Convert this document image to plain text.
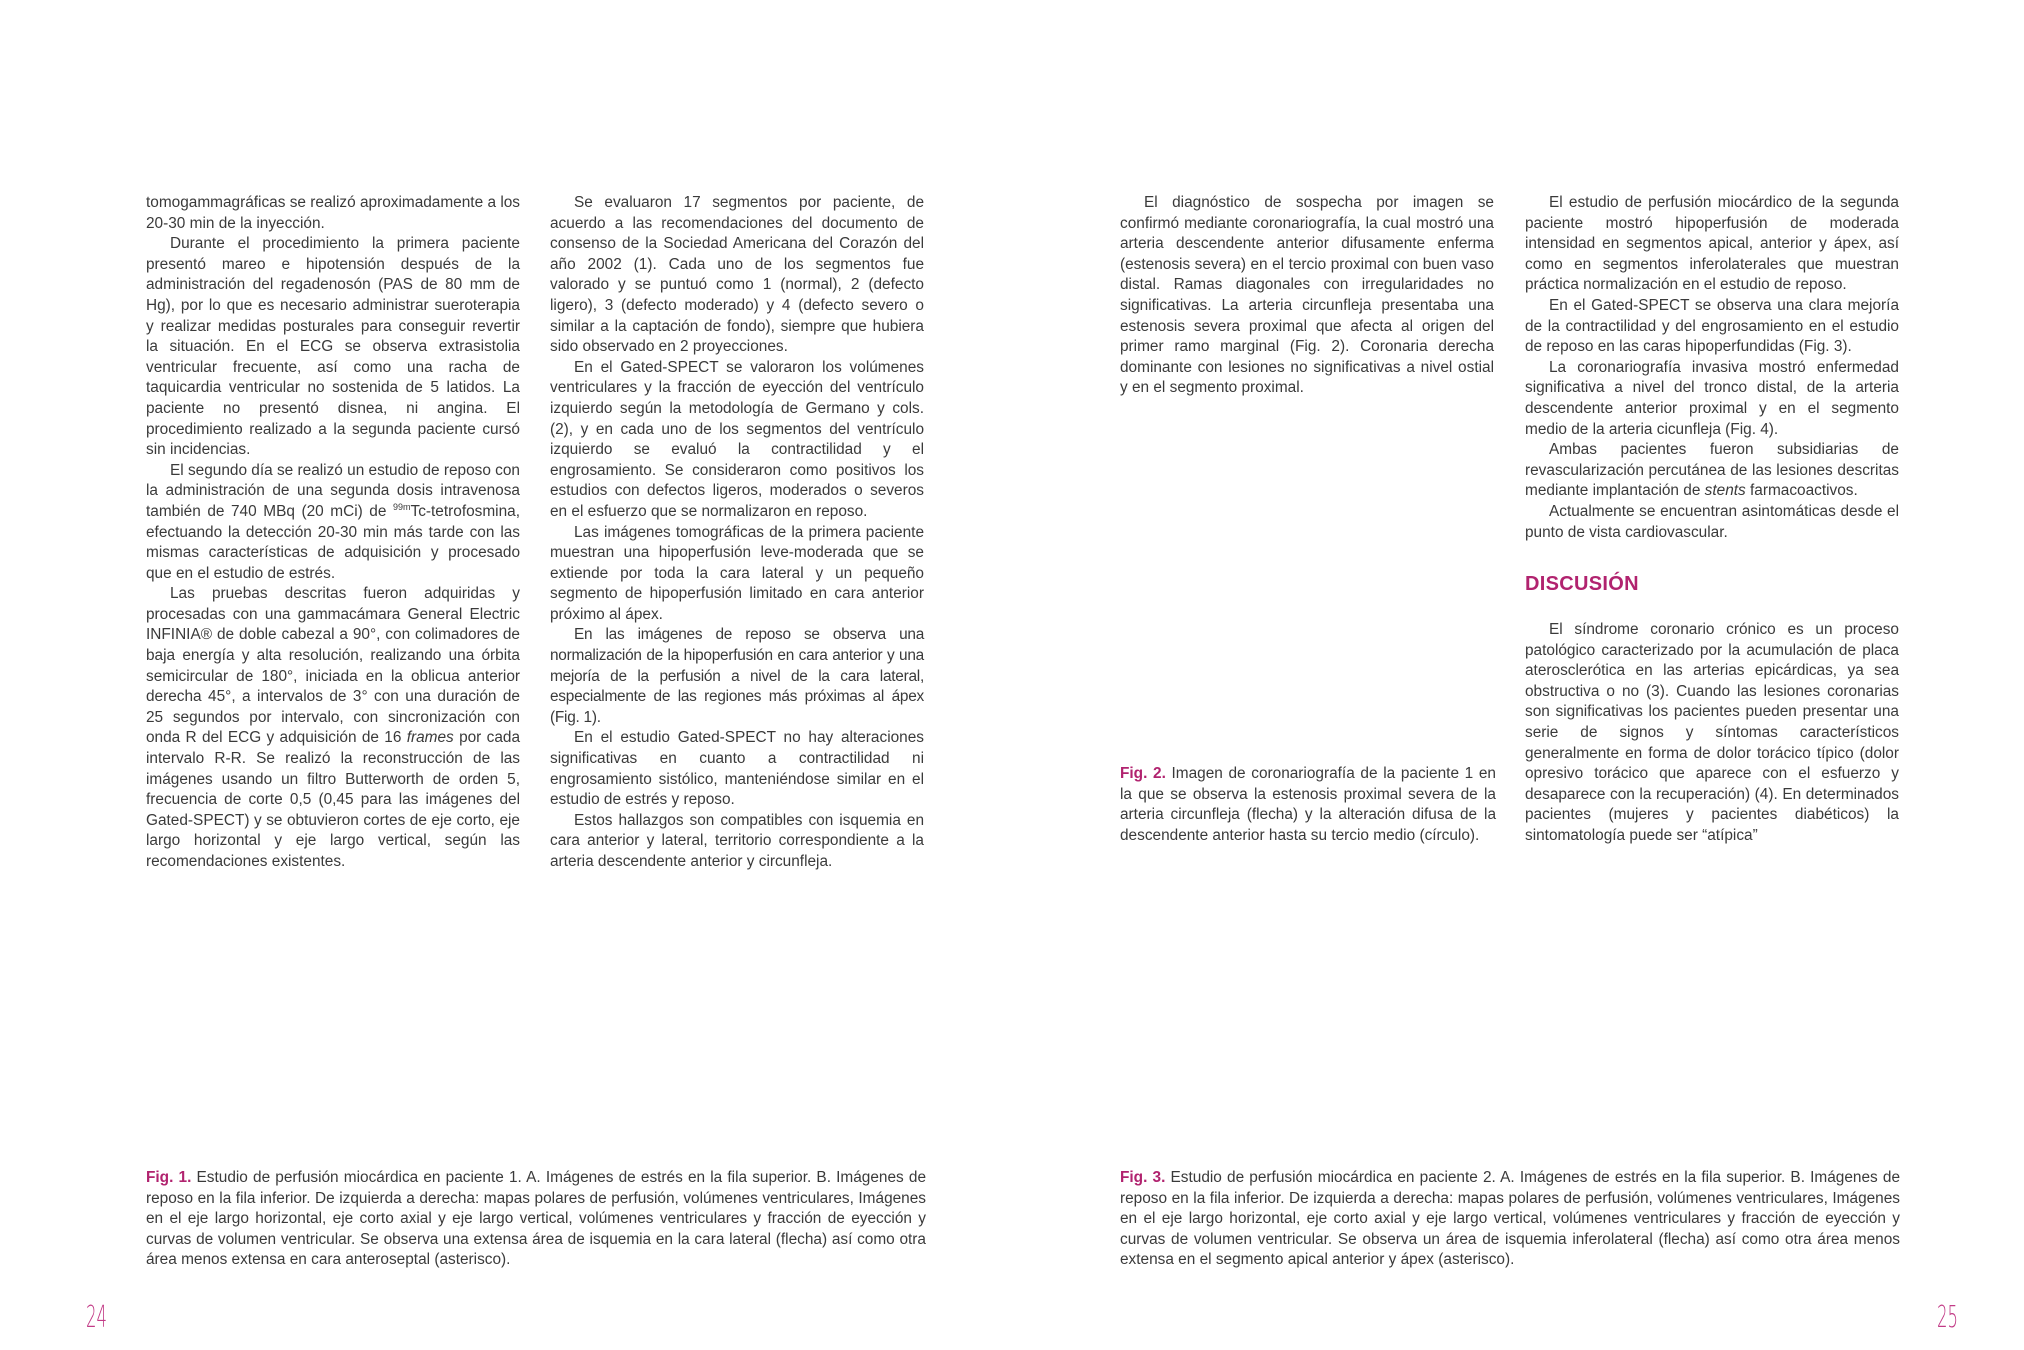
tomogammagráficas se realizó aproximadamente a los 20-30 min de la inyección.

Durante el procedimiento la primera paciente presentó mareo e hipotensión después de la administración del regadenosón (PAS de 80 mm de Hg), por lo que es necesario administrar sueroterapia y realizar medidas posturales para conseguir revertir la situación. En el ECG se observa extrasistolia ventricular frecuente, así como una racha de taquicardia ventricular no sostenida de 5 latidos. La paciente no presentó disnea, ni angina. El procedimiento realizado a la segunda paciente cursó sin incidencias.

El segundo día se realizó un estudio de reposo con la administración de una segunda dosis intravenosa también de 740 MBq (20 mCi) de $^{99m}$Tc-tetrofosmina, efectuando la detección 20-30 min más tarde con las mismas características de adquisición y procesado que en el estudio de estrés.

Las pruebas descritas fueron adquiridas y procesadas con una gammacámara General Electric INFINIA® de doble cabezal a 90°, con colimadores de baja energía y alta resolución, realizando una órbita semicircular de 180°, iniciada en la oblicua anterior derecha 45°, a intervalos de 3° con una duración de 25 segundos por intervalo, con sincronización con onda R del ECG y adquisición de 16 frames por cada intervalo R-R. Se realizó la reconstrucción de las imágenes usando un filtro Butterworth de orden 5, frecuencia de corte 0,5 (0,45 para las imágenes del Gated-SPECT) y se obtuvieron cortes de eje corto, eje largo horizontal y eje largo vertical, según las recomendaciones existentes.

Se evaluaron 17 segmentos por paciente, de acuerdo a las recomendaciones del documento de consenso de la Sociedad Americana del Corazón del año 2002 (1). Cada uno de los segmentos fue valorado y se puntuó como 1 (normal), 2 (defecto ligero), 3 (defecto moderado) y 4 (defecto severo o similar a la captación de fondo), siempre que hubiera sido observado en 2 proyecciones.

En el Gated-SPECT se valoraron los volúmenes ventriculares y la fracción de eyección del ventrículo izquierdo según la metodología de Germano y cols. (2), y en cada uno de los segmentos del ventrículo izquierdo se evaluó la contractilidad y el engrosamiento. Se consideraron como positivos los estudios con defectos ligeros, moderados o severos en el esfuerzo que se normalizaron en reposo.

Las imágenes tomográficas de la primera paciente muestran una hipoperfusión leve-moderada que se extiende por toda la cara lateral y un pequeño segmento de hipoperfusión limitado en cara anterior próximo al ápex.

En las imágenes de reposo se observa una normalización de la hipoperfusión en cara anterior y una mejoría de la perfusión a nivel de la cara lateral, especialmente de las regiones más próximas al ápex (Fig. 1).

En el estudio Gated-SPECT no hay alteraciones significativas en cuanto a contractilidad ni engrosamiento sistólico, manteniéndose similar en el estudio de estrés y reposo.

Estos hallazgos son compatibles con isquemia en cara anterior y lateral, territorio correspondiente a la arteria descendente anterior y circunfleja.

Fig. 1. Estudio de perfusión miocárdica en paciente 1. A. Imágenes de estrés en la fila superior. B. Imágenes de reposo en la fila inferior. De izquierda a derecha: mapas polares de perfusión, volúmenes ventriculares, Imágenes en el eje largo horizontal, eje corto axial y eje largo vertical, volúmenes ventriculares y fracción de eyección y curvas de volumen ventricular. Se observa una extensa área de isquemia en la cara lateral (flecha) así como otra área menos extensa en cara anteroseptal (asterisco).
24

El diagnóstico de sospecha por imagen se confirmó mediante coronariografía, la cual mostró una arteria descendente anterior difusamente enferma (estenosis severa) en el tercio proximal con buen vaso distal. Ramas diagonales con irregularidades no significativas. La arteria circunfleja presentaba una estenosis severa proximal que afecta al origen del primer ramo marginal (Fig. 2). Coronaria derecha dominante con lesiones no significativas a nivel ostial y en el segmento proximal.

Fig. 2. Imagen de coronariografía de la paciente 1 en la que se observa la estenosis proximal severa de la arteria circunfleja (flecha) y la alteración difusa de la descendente anterior hasta su tercio medio (círculo).

El estudio de perfusión miocárdico de la segunda paciente mostró hipoperfusión de moderada intensidad en segmentos apical, anterior y ápex, así como en segmentos inferolaterales que muestran práctica normalización en el estudio de reposo.

En el Gated-SPECT se observa una clara mejoría de la contractilidad y del engrosamiento en el estudio de reposo en las caras hipoperfundidas (Fig. 3).

La coronariografía invasiva mostró enfermedad significativa a nivel del tronco distal, de la arteria descendente anterior proximal y en el segmento medio de la arteria cicunfleja (Fig. 4).

Ambas pacientes fueron subsidiarias de revascularización percutánea de las lesiones descritas mediante implantación de stents farmacoactivos.

Actualmente se encuentran asintomáticas desde el punto de vista cardiovascular.

DISCUSIÓN

El síndrome coronario crónico es un proceso patológico caracterizado por la acumulación de placa aterosclerótica en las arterias epicárdicas, ya sea obstructiva o no (3). Cuando las lesiones coronarias son significativas los pacientes pueden presentar una serie de signos y síntomas característicos generalmente en forma de dolor torácico típico (dolor opresivo torácico que aparece con el esfuerzo y desaparece con la recuperación) (4). En determinados pacientes (mujeres y pacientes diabéticos) la sintomatología puede ser “atípica”

Fig. 3. Estudio de perfusión miocárdica en paciente 2. A. Imágenes de estrés en la fila superior. B. Imágenes de reposo en la fila inferior. De izquierda a derecha: mapas polares de perfusión, volúmenes ventriculares, Imágenes en el eje largo horizontal, eje corto axial y eje largo vertical, volúmenes ventriculares y fracción de eyección y curvas de volumen ventricular. Se observa un área de isquemia inferolateral (flecha) así como otra área menos extensa en el segmento apical anterior y ápex (asterisco).
25
